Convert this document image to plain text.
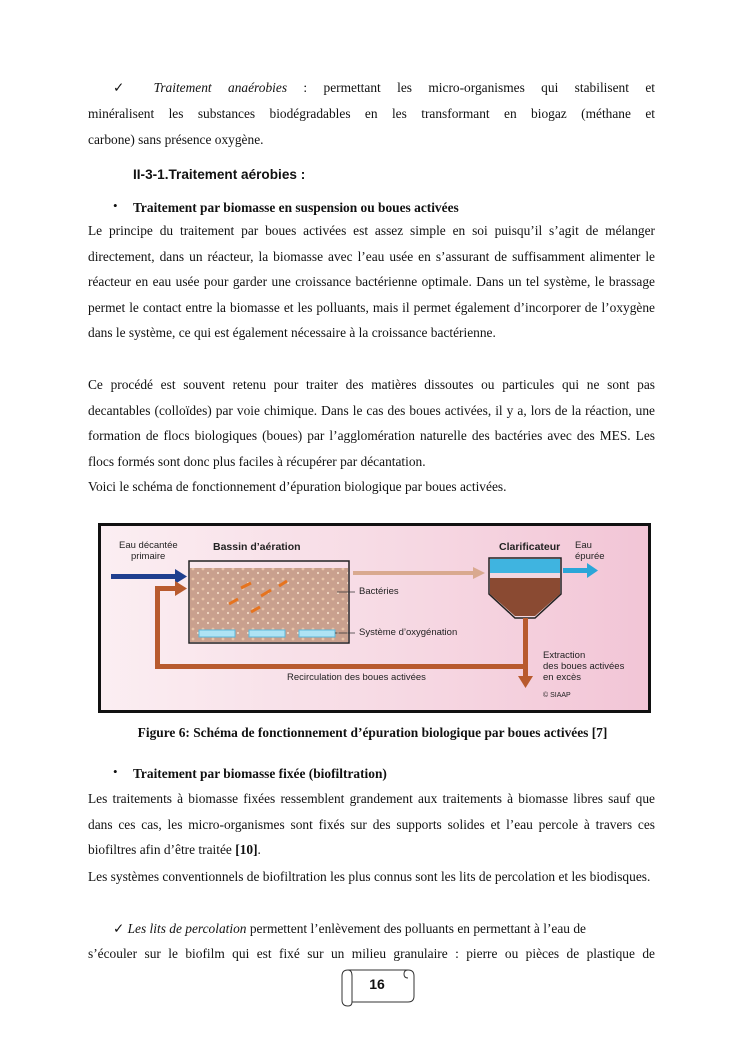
✓ Traitement anaérobies : permettant les micro-organismes qui stabilisent et
minéralisent les substances biodégradables en les transformant en biogaz (méthane et
carbone) sans présence oxygène.
II-3-1.Traitement aérobies :
• Traitement par biomasse en suspension ou boues activées
Le principe du traitement par boues activées est assez simple en soi puisqu’il s’agit de mélanger directement, dans un réacteur, la biomasse avec l’eau usée en s’assurant de suffisamment alimenter le réacteur en eau usée pour garder une croissance bactérienne optimale. Dans un tel système, le brassage permet le contact entre la biomasse et les polluants, mais il permet également d’incorporer de l’oxygène dans le système, ce qui est également nécessaire à la croissance bactérienne.
Ce procédé est souvent retenu pour traiter des matières dissoutes ou particules qui ne sont pas decantables (colloïdes) par voie chimique. Dans le cas des boues activées, il y a, lors de la réaction, une formation de flocs biologiques (boues) par l’agglomération naturelle des bactéries avec des MES. Les flocs formés sont donc plus faciles à récupérer par décantation.
Voici le schéma de fonctionnement d’épuration biologique par boues activées.
Eau décantée
primaire
Bassin d’aération	Clarificateur Eau
épurée
Bactéries
Système d’oxygénation
Extraction
des boues activées
en excès
Recirculation des boues activées
© SIAAP
Figure 6: Schéma de fonctionnement d’épuration biologique par boues activées [7]
• Traitement par biomasse fixée (biofiltration)
Les traitements à biomasse fixées ressemblent grandement aux traitements à biomasse libres sauf que dans ces cas, les micro-organismes sont fixés sur des supports solides et l’eau percole à travers ces biofiltres afin d’être traitée [10].
Les systèmes conventionnels de biofiltration les plus connus sont les lits de percolation et les biodisques.
✓ Les lits de percolation permettent l’enlèvement des polluants en permettant à l’eau de
s’écouler sur le biofilm qui est fixé sur un milieu granulaire : pierre ou pièces de plastique de
16
